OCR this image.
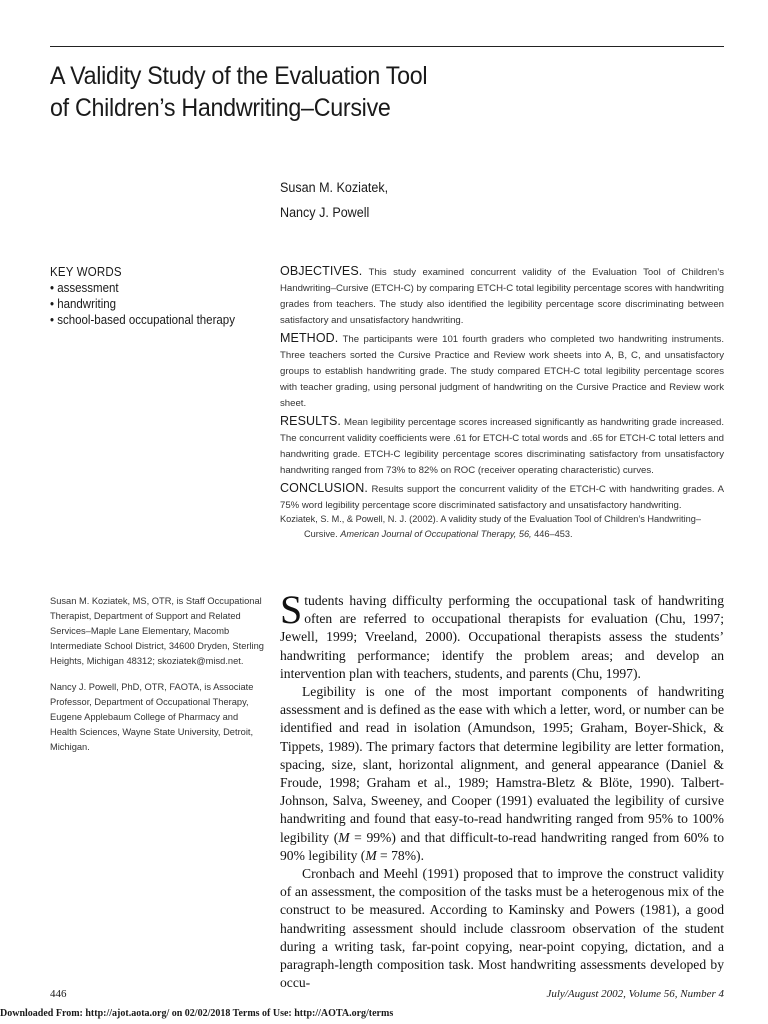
A Validity Study of the Evaluation Tool
of Children’s Handwriting–Cursive
Susan M. Koziatek,
Nancy J. Powell
KEY WORDS
• assessment
• handwriting
• school-based occupational therapy

OBJECTIVES. This study examined concurrent validity of the Evaluation Tool of Children’s Handwriting–Cursive (ETCH-C) by comparing ETCH-C total legibility percentage scores with handwriting grades from teachers. The study also identified the legibility percentage score discriminating between satisfactory and unsatisfactory handwriting.

METHOD. The participants were 101 fourth graders who completed two handwriting instruments. Three teachers sorted the Cursive Practice and Review work sheets into A, B, C, and unsatisfactory groups to establish handwriting grade. The study compared ETCH-C total legibility percentage scores with teacher grading, using personal judgment of handwriting on the Cursive Practice and Review work sheet.

RESULTS. Mean legibility percentage scores increased significantly as handwriting grade increased. The concurrent validity coefficients were .61 for ETCH-C total words and .65 for ETCH-C total letters and handwriting grade. ETCH-C legibility percentage scores discriminating satisfactory from unsatisfactory handwriting ranged from 73% to 82% on ROC (receiver operating characteristic) curves.

CONCLUSION. Results support the concurrent validity of the ETCH-C with handwriting grades. A 75% word legibility percentage score discriminated satisfactory and unsatisfactory handwriting.

Koziatek, S. M., & Powell, N. J. (2002). A validity study of the Evaluation Tool of Children’s Handwriting–Cursive. American Journal of Occupational Therapy, 56, 446–453.

Susan M. Koziatek, MS, OTR, is Staff Occupational Therapist, Department of Support and Related Services–Maple Lane Elementary, Macomb Intermediate School District, 34600 Dryden, Sterling Heights, Michigan 48312; skoziatek@misd.net.

Nancy J. Powell, PhD, OTR, FAOTA, is Associate Professor, Department of Occupational Therapy, Eugene Applebaum College of Pharmacy and Health Sciences, Wayne State University, Detroit, Michigan.

Students having difficulty performing the occupational task of handwriting often are referred to occupational therapists for evaluation (Chu, 1997; Jewell, 1999; Vreeland, 2000). Occupational therapists assess the students’ handwriting performance; identify the problem areas; and develop an intervention plan with teachers, students, and parents (Chu, 1997).

Legibility is one of the most important components of handwriting assessment and is defined as the ease with which a letter, word, or number can be identified and read in isolation (Amundson, 1995; Graham, Boyer-Shick, & Tippets, 1989). The primary factors that determine legibility are letter formation, spacing, size, slant, horizontal alignment, and general appearance (Daniel & Froude, 1998; Graham et al., 1989; Hamstra-Bletz & Blöte, 1990). Talbert-Johnson, Salva, Sweeney, and Cooper (1991) evaluated the legibility of cursive handwriting and found that easy-to-read handwriting ranged from 95% to 100% legibility (M = 99%) and that difficult-to-read handwriting ranged from 60% to 90% legibility (M = 78%).

Cronbach and Meehl (1991) proposed that to improve the construct validity of an assessment, the composition of the tasks must be a heterogenous mix of the construct to be measured. According to Kaminsky and Powers (1981), a good handwriting assessment should include classroom observation of the student during a writing task, far-point copying, near-point copying, dictation, and a paragraph-length composition task. Most handwriting assessments developed by occu-

446	July/August 2002, Volume 56, Number 4
Downloaded From: http://ajot.aota.org/ on 02/02/2018 Terms of Use: http://AOTA.org/terms
